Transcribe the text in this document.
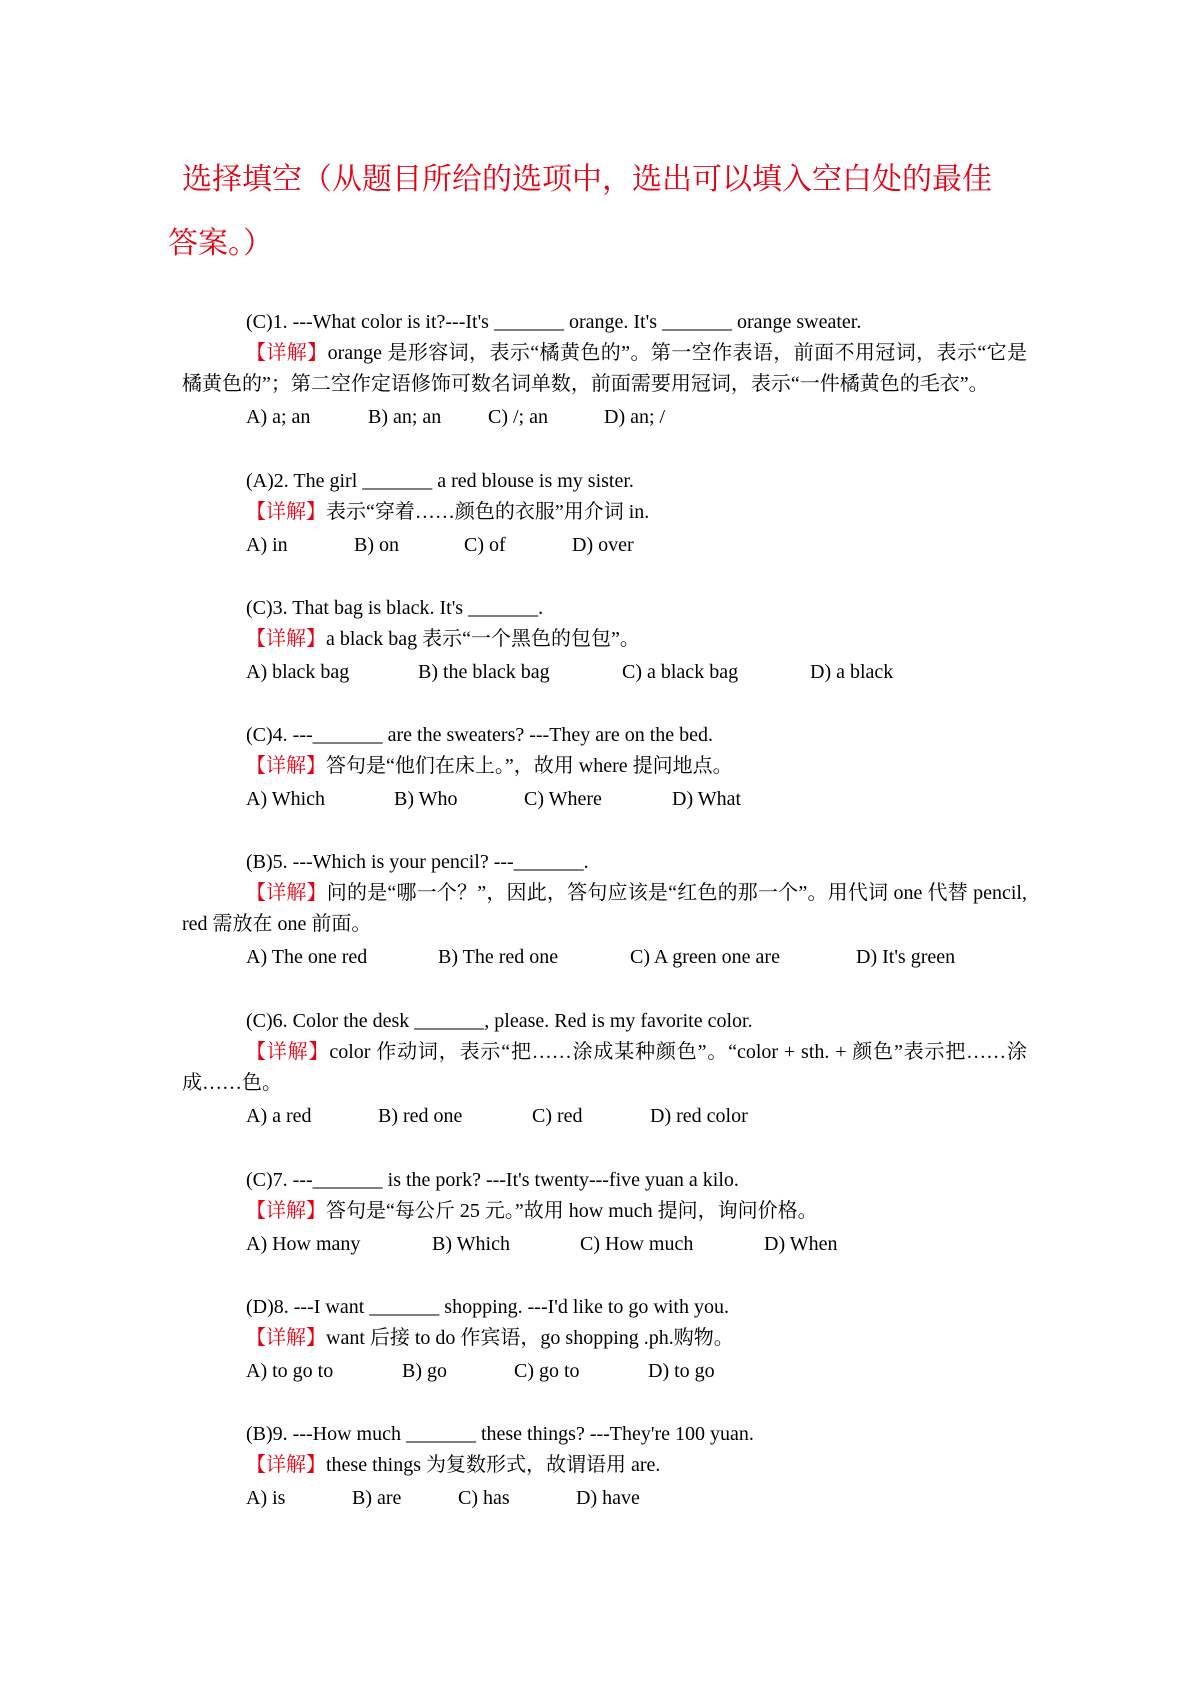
选择填空（从题目所给的选项中，选出可以填入空白处的最佳答案。）
(C)1. ---What color is it?---It's _______ orange. It's _______ orange sweater.
【详解】orange 是形容词，表示“橘黄色的”。第一空作表语，前面不用冠词，表示“它是橘黄色的”；第二空作定语修饰可数名词单数，前面需要用冠词，表示“一件橘黄色的毛衣”。
A) a; an	B) an; an C) /; an	D) an; /
(A)2. The girl _______ a red blouse is my sister.
【详解】表示“穿着……颜色的衣服”用介词 in.
A) in	B) on	C) of	D) over
(C)3. That bag is black. It's _______.
【详解】a black bag 表示“一个黑色的包包”。
A) black bag	B) the black bag	C) a black bag	D) a black
(C)4. ---_______ are the sweaters? ---They are on the bed.
【详解】答句是“他们在床上。”，故用 where 提问地点。
A) Which	B) Who	C) Where	D) What
(B)5. ---Which is your pencil? ---_______.
【详解】问的是“哪一个？”，因此，答句应该是“红色的那一个”。用代词 one 代替 pencil, red 需放在 one 前面。
A) The one red	B) The red one	C) A green one are	D) It's green
(C)6. Color the desk _______, please. Red is my favorite color.
【详解】color 作动词，表示“把……涂成某种颜色”。“color + sth. + 颜色”表示把……涂成……色。
A) a red	B) red one	C) red	D) red color
(C)7. ---_______ is the pork? ---It's twenty---five yuan a kilo.
【详解】答句是“每公斤 25 元。”故用 how much 提问，询问价格。
A) How many	B) Which	C) How much	D) When
(D)8. ---I want _______ shopping. ---I'd like to go with you.
【详解】want 后接 to do 作宾语，go shopping .ph.购物。
A) to go to	B) go	C) go to	D) to go
(B)9. ---How much _______ these things? ---They're 100 yuan.
【详解】these things 为复数形式，故谓语用 are.
A) is	B) are	C) has	D) have
